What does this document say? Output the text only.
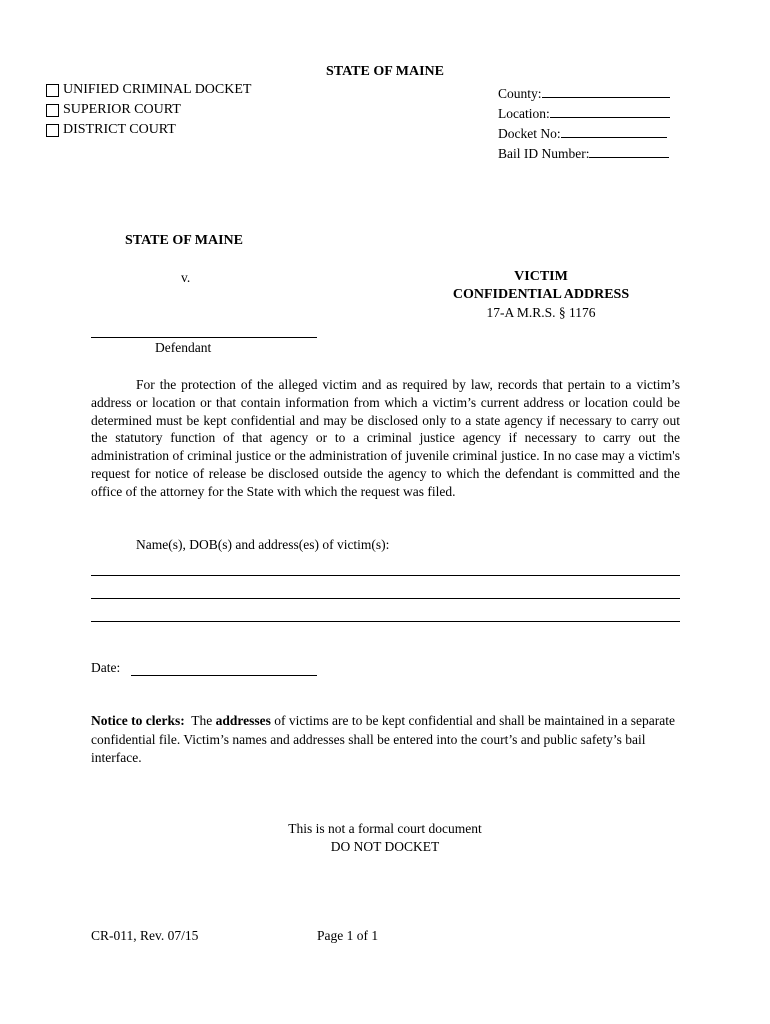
STATE OF MAINE
UNIFIED CRIMINAL DOCKET
SUPERIOR COURT
DISTRICT COURT
County:
Location:
Docket No:
Bail ID Number:
STATE OF MAINE
v.	VICTIM
CONFIDENTIAL ADDRESS
17-A M.R.S. § 1176
Defendant
For the protection of the alleged victim and as required by law, records that pertain to a victim’s address or location or that contain information from which a victim’s current address or location could be determined must be kept confidential and may be disclosed only to a state agency if necessary to carry out the statutory function of that agency or to a criminal justice agency if necessary to carry out the administration of criminal justice or the administration of juvenile criminal justice. In no case may a victim's request for notice of release be disclosed outside the agency to which the defendant is committed and the office of the attorney for the State with which the request was filed.
Name(s), DOB(s) and address(es) of victim(s):
Date:
Notice to clerks: The addresses of victims are to be kept confidential and shall be maintained in a separate confidential file. Victim’s names and addresses shall be entered into the court’s and public safety’s bail interface.
This is not a formal court document
DO NOT DOCKET
CR-011, Rev. 07/15	Page 1 of 1
